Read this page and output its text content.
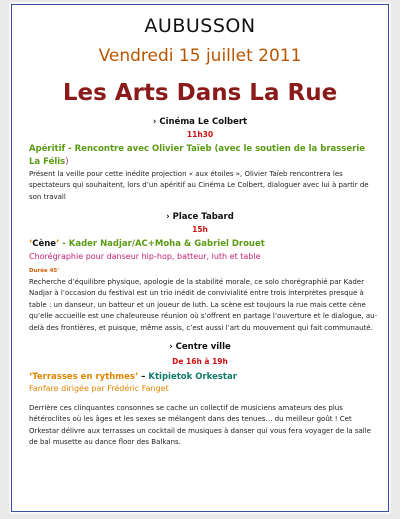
AUBUSSON
Vendredi 15 juillet 2011
Les Arts Dans La Rue
› Cinéma Le Colbert
11h30
Apéritif - Rencontre avec Olivier Taïeb (avec le soutien de la brasserie La Félis)
Présent la veille pour cette inédite projection « aux étoiles », Olivier Taïeb rencontrera les spectateurs qui souhaitent, lors d’un apéritif au Cinéma Le Colbert, dialoguer avec lui à partir de son travail
› Place Tabard
15h
‘Cène’ - Kader Nadjar/AC+Moha & Gabriel Drouet
Chorégraphie pour danseur hip-hop, batteur, luth et table
Durée 45'
Recherche d’équilibre physique, apologie de la stabilité morale, ce solo chorégraphié par Kader Nadjar à l’occasion du festival est un trio inédit de convivialité entre trois interprètes presque à table : un danseur, un batteur et un joueur de luth. La scène est toujours la rue mais cette cène qu’elle accueille est une chaleureuse réunion où s’offrent en partage l’ouverture et le dialogue, au-delà des frontières, et puisque, même assis, c’est aussi l’art du mouvement qui fait communauté.
› Centre ville
De 16h à 19h
‘Terrasses en rythmes’ – Ktipietok Orkestar
Fanfare dirigée par Frédéric Fanget
Derrière ces clinquantes consonnes se cache un collectif de musiciens amateurs des plus hétéroclites où les âges et les sexes se mélangent dans des tenues… du meilleur goût ! Cet Orkestar délivre aux terrasses un cocktail de musiques à danser qui vous fera voyager de la salle de bal musette au dance floor des Balkans.
